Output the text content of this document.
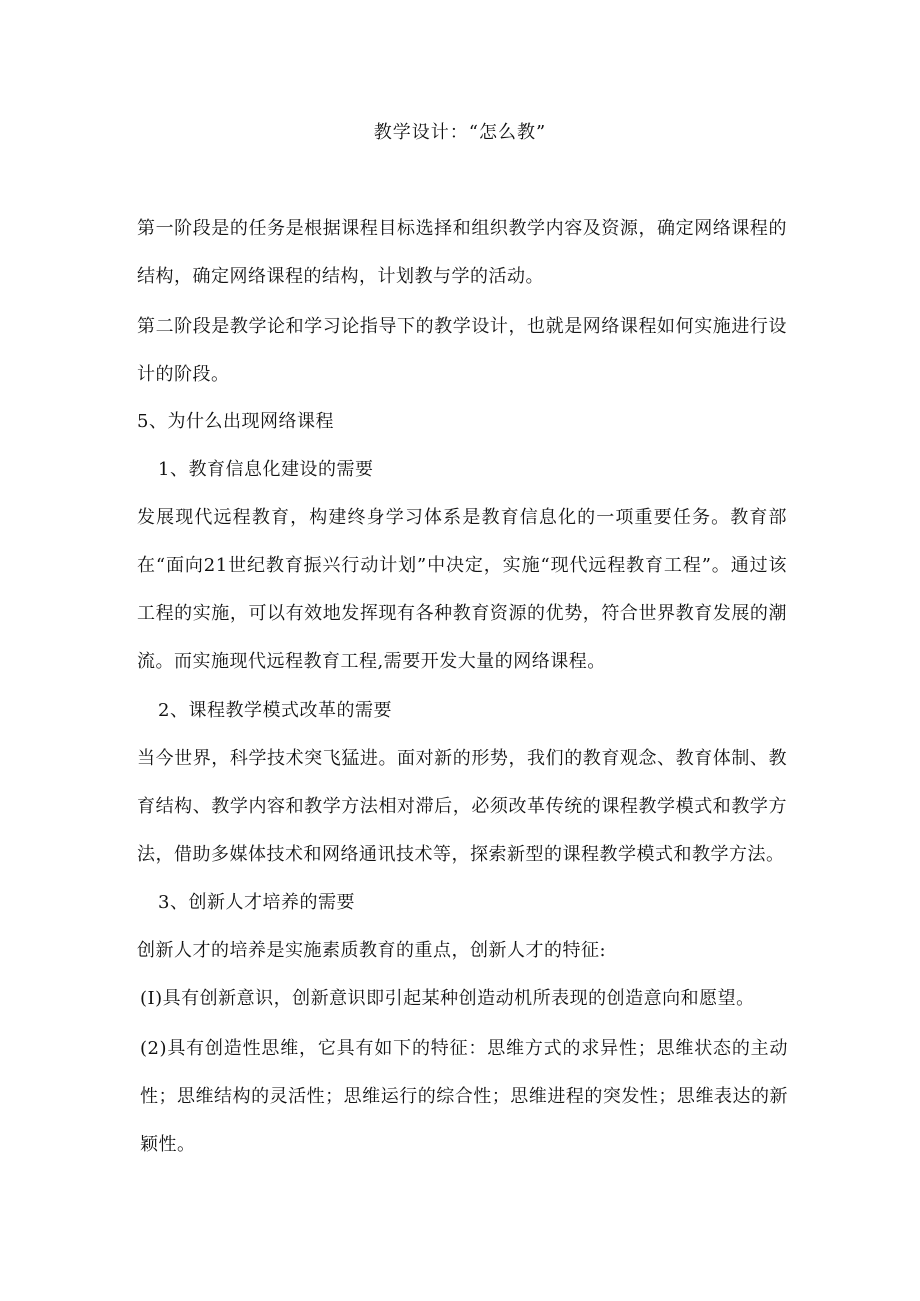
教学设计：“怎么教”
第一阶段是的任务是根据课程目标选择和组织教学内容及资源，确定网络课程的结构，确定网络课程的结构，计划教与学的活动。
第二阶段是教学论和学习论指导下的教学设计，也就是网络课程如何实施进行设计的阶段。
5、为什么出现网络课程
1、教育信息化建设的需要
发展现代远程教育，构建终身学习体系是教育信息化的一项重要任务。教育部在“面向21世纪教育振兴行动计划”中决定，实施“现代远程教育工程”。通过该工程的实施，可以有效地发挥现有各种教育资源的优势，符合世界教育发展的潮流。而实施现代远程教育工程,需要开发大量的网络课程。
2、课程教学模式改革的需要
当今世界，科学技术突飞猛进。面对新的形势，我们的教育观念、教育体制、教育结构、教学内容和教学方法相对滞后，必须改革传统的课程教学模式和教学方法，借助多媒体技术和网络通讯技术等，探索新型的课程教学模式和教学方法。
3、创新人才培养的需要
创新人才的培养是实施素质教育的重点，创新人才的特征:
(I)具有创新意识，创新意识即引起某种创造动机所表现的创造意向和愿望。
(2)具有创造性思维，它具有如下的特征：思维方式的求异性；思维状态的主动性；思维结构的灵活性；思维运行的综合性；思维进程的突发性；思维表达的新颖性。
